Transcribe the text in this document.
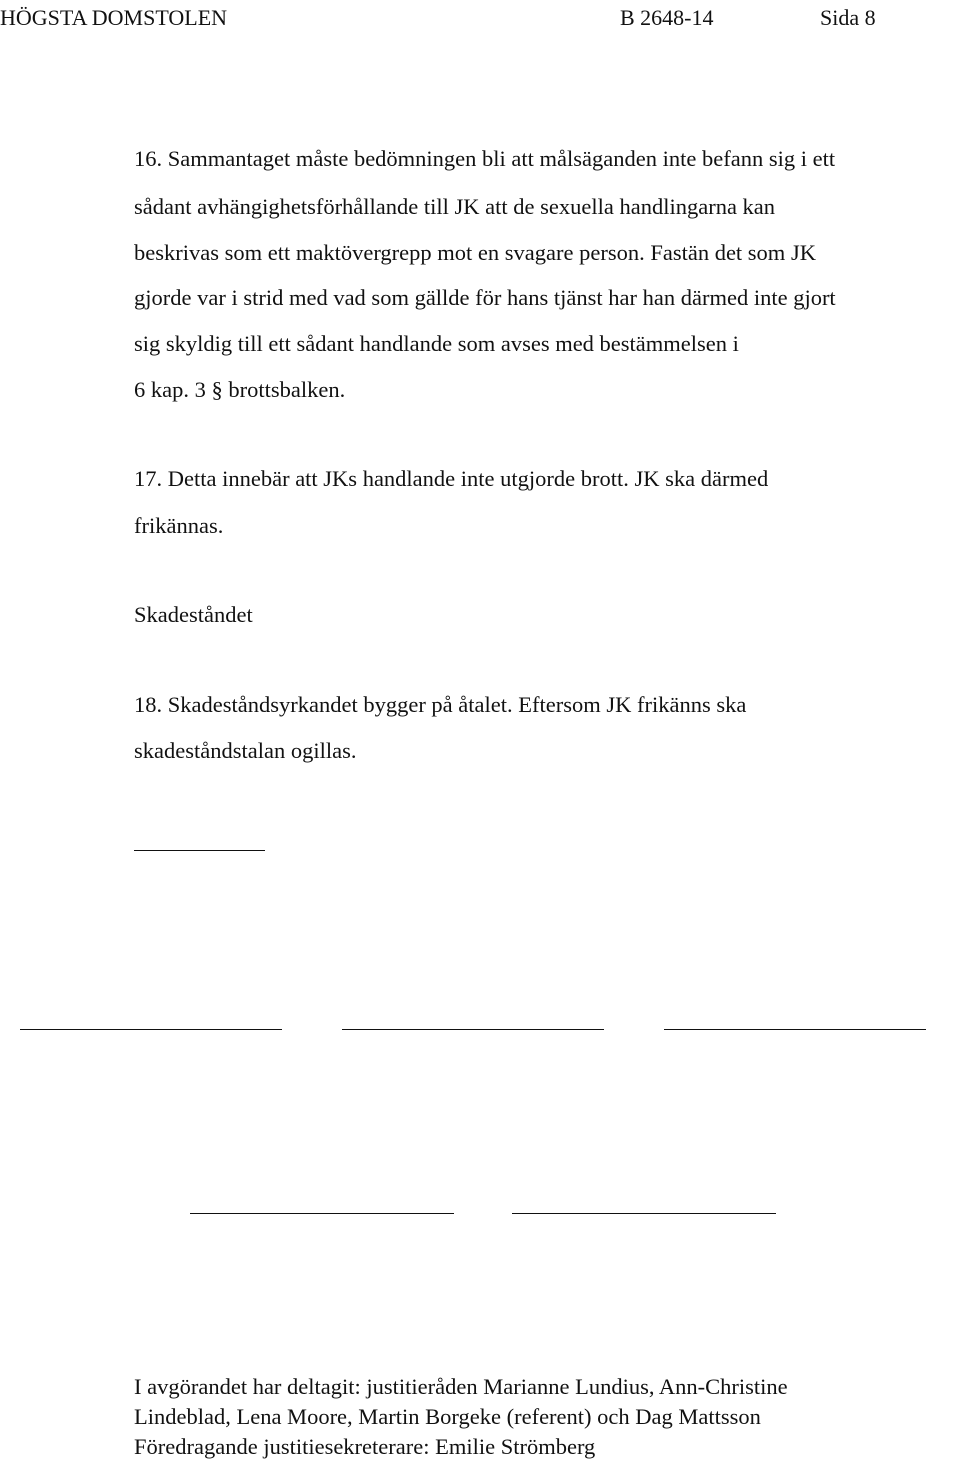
HÖGSTA DOMSTOLEN	B 2648-14	Sida 8
16. Sammantaget måste bedömningen bli att målsäganden inte befann sig i ett
sådant avhängighetsförhållande till JK att de sexuella handlingarna kan
beskrivas som ett maktövergrepp mot en svagare person. Fastän det som JK
gjorde var i strid med vad som gällde för hans tjänst har han därmed inte gjort
sig skyldig till ett sådant handlande som avses med bestämmelsen i
6 kap. 3 § brottsbalken.
17. Detta innebär att JKs handlande inte utgjorde brott. JK ska därmed
frikännas.
Skadeståndet
18. Skadeståndsyrkandet bygger på åtalet. Eftersom JK frikänns ska
skadeståndstalan ogillas.
I avgörandet har deltagit: justitieråden Marianne Lundius, Ann-Christine
Lindeblad, Lena Moore, Martin Borgeke (referent) och Dag Mattsson
Föredragande justitiesekreterare: Emilie Strömberg
